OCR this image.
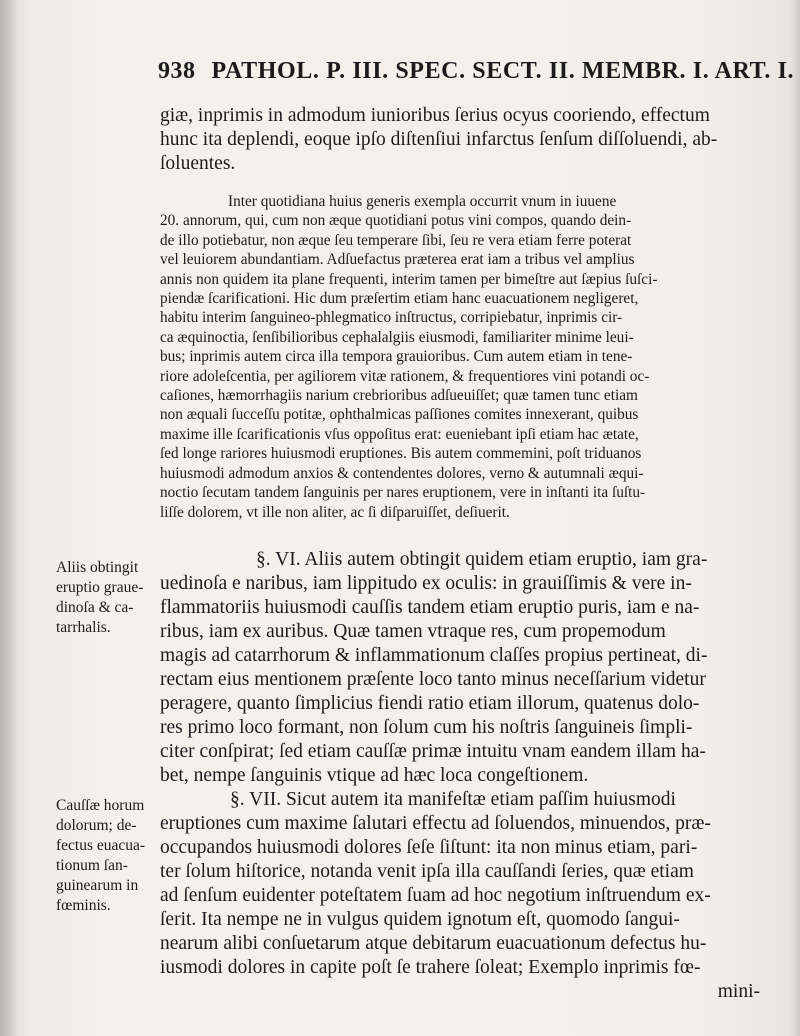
938 PATHOL. P. III. SPEC. SECT. II. MEMBR. I. ART. I.
giæ, inprimis in admodum iunioribus ſerius ocyus cooriendo, effectum
hunc ita deplendi, eoque ipſo diſtenſiui infarctus ſenſum diſſoluendi, ab-
ſoluentes.
Inter quotidiana huius generis exempla occurrit vnum in iuuene
20. annorum, qui, cum non æque quotidiani potus vini compos, quando dein-
de illo potiebatur, non æque ſeu temperare ſibi, ſeu re vera etiam ferre poterat
vel leuiorem abundantiam. Adſuefactus præterea erat iam a tribus vel amplius
annis non quidem ita plane frequenti, interim tamen per bimeſtre aut ſæpius ſuſci-
piendæ ſcarificationi. Hic dum præſertim etiam hanc euacuationem negligeret,
habitu interim ſanguineo-phlegmatico inſtructus, corripiebatur, inprimis cir-
ca æquinoctia, ſenſibilioribus cephalalgiis eiusmodi, familiariter minime leui-
bus; inprimis autem circa illa tempora grauioribus. Cum autem etiam in tene-
riore adoleſcentia, per agiliorem vitæ rationem, & frequentiores vini potandi oc-
caſiones, hæmorrhagiis narium crebrioribus adſueuiſſet; quæ tamen tunc etiam
non æquali ſucceſſu potitæ, ophthalmicas paſſiones comites innexerant, quibus
maxime ille ſcarificationis vſus oppoſitus erat: eueniebant ipſi etiam hac ætate,
ſed longe rariores huiusmodi eruptiones. Bis autem commemini, poſt triduanos
huiusmodi admodum anxios & contendentes dolores, verno & autumnali æqui-
noctio ſecutam tandem ſanguinis per nares eruptionem, vere in inſtanti ita ſuſtu-
liſſe dolorem, vt ille non aliter, ac ſi diſparuiſſet, deſiuerit.
Aliis obtingit
eruptio graue-
dinoſa & ca-
tarrhalis.
§. VI. Aliis autem obtingit quidem etiam eruptio, iam gra-
uedinoſa e naribus, iam lippitudo ex oculis: in grauiſſimis & vere in-
flammatoriis huiusmodi cauſſis tandem etiam eruptio puris, iam e na-
ribus, iam ex auribus. Quæ tamen vtraque res, cum propemodum
magis ad catarrhorum & inflammationum claſſes propius pertineat, di-
rectam eius mentionem præſente loco tanto minus neceſſarium videtur
peragere, quanto ſimplicius fiendi ratio etiam illorum, quatenus dolo-
res primo loco formant, non ſolum cum his noſtris ſanguineis ſimpli-
citer conſpirat; ſed etiam cauſſæ primæ intuitu vnam eandem illam ha-
bet, nempe ſanguinis vtique ad hæc loca congeſtionem.
Cauſſæ horum
dolorum; de-
fectus euacua-
tionum ſan-
guinearum in
fœminis.
§. VII. Sicut autem ita manifeſtæ etiam paſſim huiusmodi
eruptiones cum maxime ſalutari effectu ad ſoluendos, minuendos, præ-
occupandos huiusmodi dolores ſeſe ſiſtunt: ita non minus etiam, pari-
ter ſolum hiſtorice, notanda venit ipſa illa cauſſandi ſeries, quæ etiam
ad ſenſum euidenter poteſtatem ſuam ad hoc negotium inſtruendum ex-
ſerit. Ita nempe ne in vulgus quidem ignotum eſt, quomodo ſangui-
nearum alibi conſuetarum atque debitarum euacuationum defectus hu-
iusmodi dolores in capite poſt ſe trahere ſoleat; Exemplo inprimis fœ-
mini-
